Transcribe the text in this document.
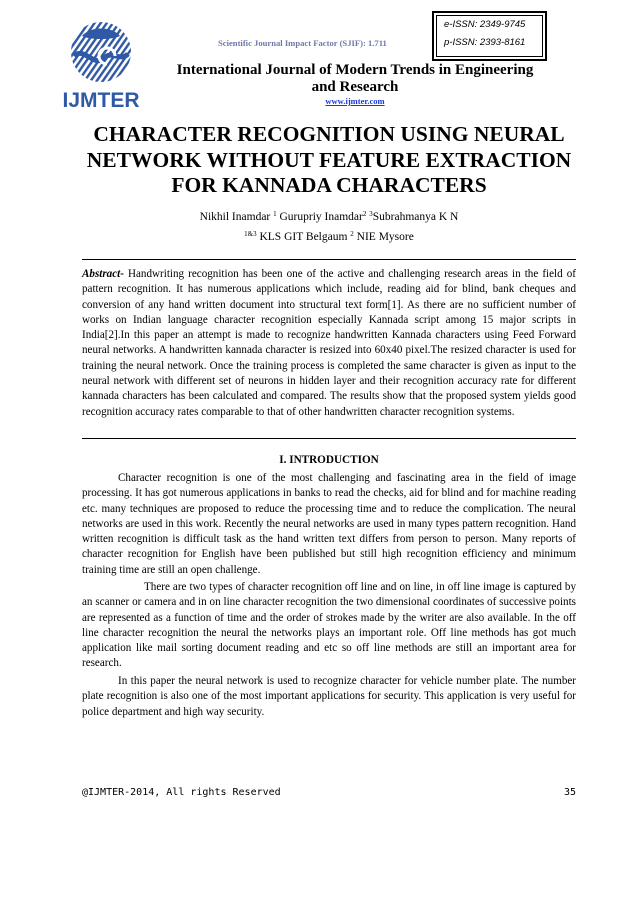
IJMTER
Scientific Journal Impact Factor (SJIF): 1.711
e-ISSN: 2349-9745
p-ISSN: 2393-8161
International Journal of Modern Trends in Engineering
and Research
www.ijmter.com
CHARACTER RECOGNITION USING NEURAL
NETWORK WITHOUT FEATURE EXTRACTION
FOR KANNADA CHARACTERS
Nikhil Inamdar $^1$ Gurupriy Inamdar$^2$ $^3$Subrahmanya K N
$^{1\&3}$ KLS GIT Belgaum $^2$ NIE Mysore

Abstract- Handwriting recognition has been one of the active and challenging research areas in the field of pattern recognition. It has numerous applications which include, reading aid for blind, bank cheques and conversion of any hand written document into structural text form[1]. As there are no sufficient number of works on Indian language character recognition especially Kannada script among 15 major scripts in India[2].In this paper an attempt is made to recognize handwritten Kannada characters using Feed Forward neural networks. A handwritten kannada character is resized into 60x40 pixel.The resized character is used for training the neural network. Once the training process is completed the same character is given as input to the neural network with different set of neurons in hidden layer and their recognition accuracy rate for different kannada characters has been calculated and compared. The results show that the proposed system yields good recognition accuracy rates comparable to that of other handwritten character recognition systems.

I. INTRODUCTION

Character recognition is one of the most challenging and fascinating area in the field of image processing. It has got numerous applications in banks to read the checks, aid for blind and for machine reading etc. many techniques are proposed to reduce the processing time and to reduce the complication. The neural networks are used in this work. Recently the neural networks are used in many types pattern recognition. Hand written recognition is difficult task as the hand written text differs from person to person. Many reports of character recognition for English have been published but still high recognition efficiency and minimum training time are still an open challenge.

There are two types of character recognition off line and on line, in off line image is captured by an scanner or camera and in on line character recognition the two dimensional coordinates of successive points are represented as a function of time and the order of strokes made by the writer are also available. In the off line character recognition the neural the networks plays an important role. Off line methods has got much application like mail sorting document reading and etc so off line methods are still an important area for research.

In this paper the neural network is used to recognize character for vehicle number plate. The number plate recognition is also one of the most important applications for security. This application is very useful for police department and high way security.

@IJMTER-2014, All rights Reserved	35
